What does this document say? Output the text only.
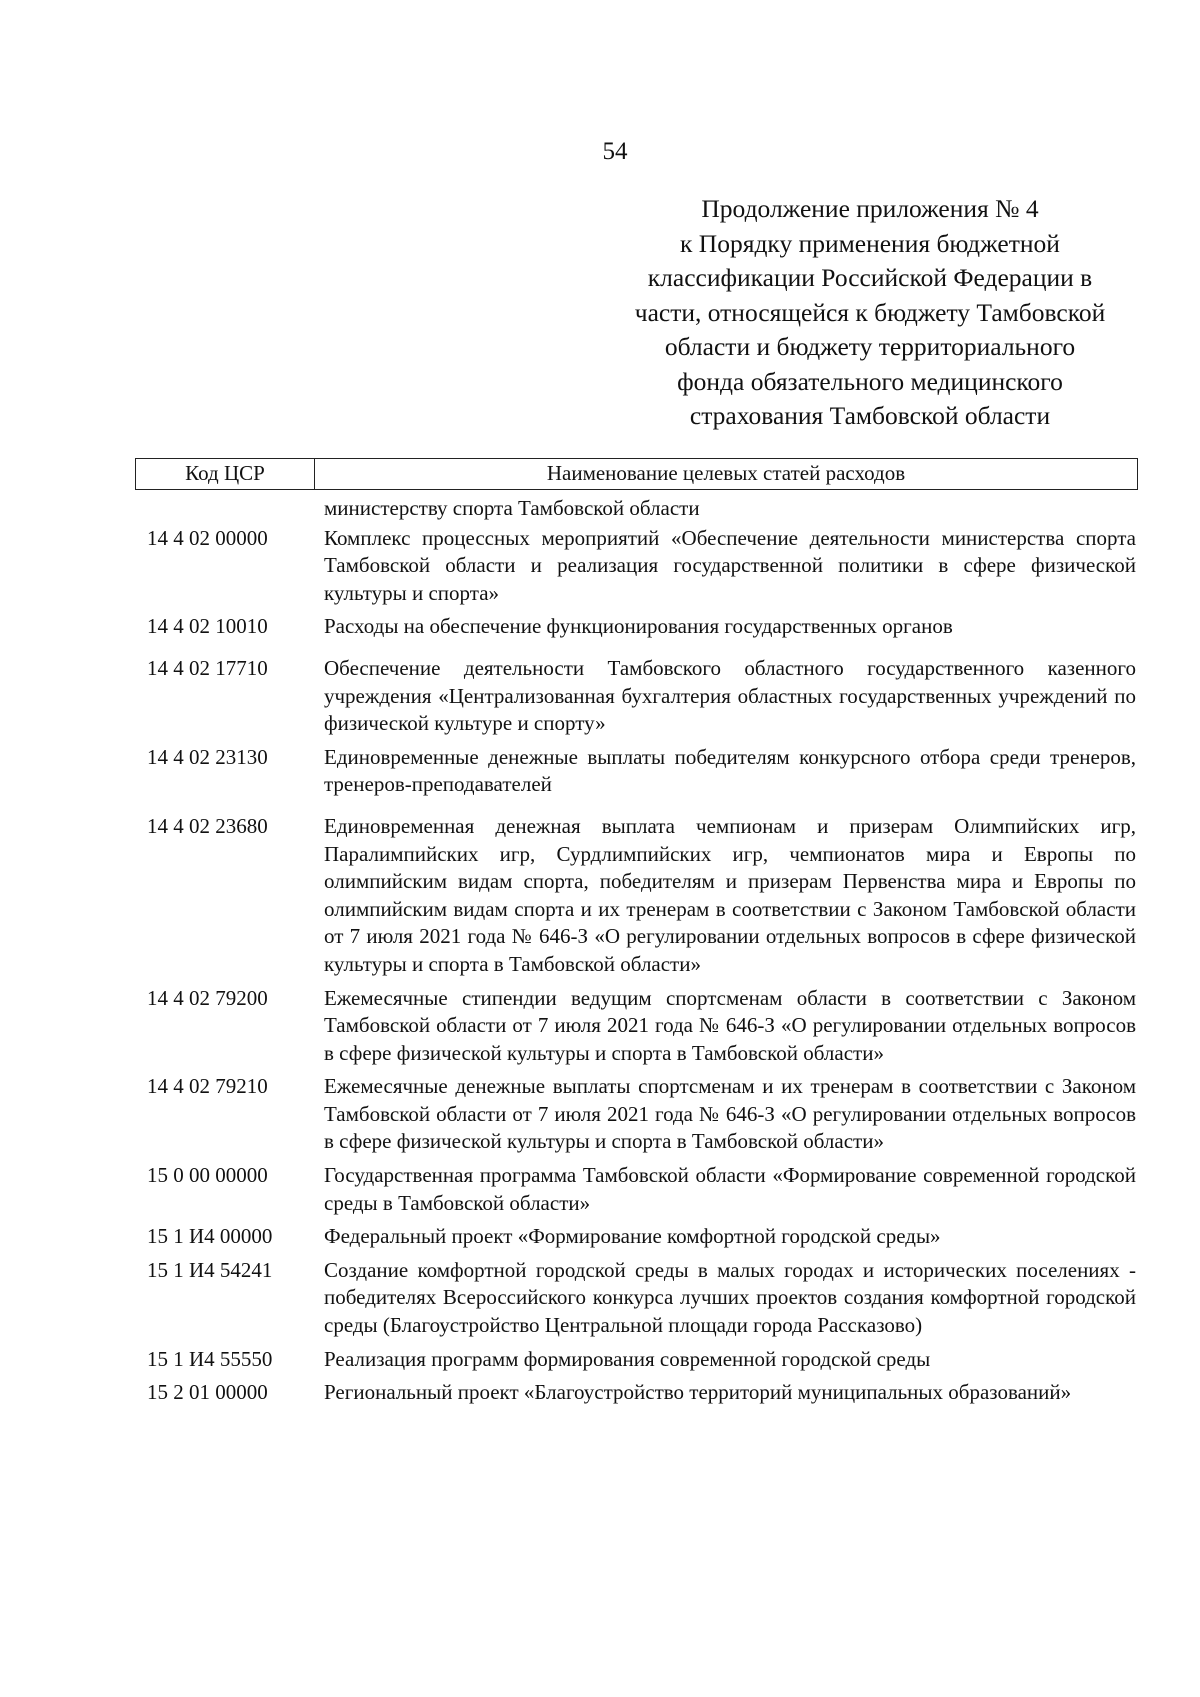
54
Продолжение приложения № 4
к Порядку применения бюджетной
классификации Российской Федерации в
части, относящейся к бюджету Тамбовской
области и бюджету территориального
фонда обязательного медицинского
страхования Тамбовской области
Код ЦСР	Наименование целевых статей расходов
министерству спорта Тамбовской области
14 4 02 00000	Комплекс процессных мероприятий «Обеспечение деятельности министерства спорта Тамбовской области и реализация государственной политики в сфере физической культуры и спорта»
14 4 02 10010	Расходы на обеспечение функционирования государственных органов
14 4 02 17710	Обеспечение деятельности Тамбовского областного государственного казенного учреждения «Централизованная бухгалтерия областных государственных учреждений по физической культуре и спорту»
14 4 02 23130	Единовременные денежные выплаты победителям конкурсного отбора среди тренеров, тренеров-преподавателей
14 4 02 23680	Единовременная денежная выплата чемпионам и призерам Олимпийских игр, Паралимпийских игр, Сурдлимпийских игр, чемпионатов мира и Европы по олимпийским видам спорта, победителям и призерам Первенства мира и Европы по олимпийским видам спорта и их тренерам в соответствии с Законом Тамбовской области от 7 июля 2021 года № 646-З «О регулировании отдельных вопросов в сфере физической культуры и спорта в Тамбовской области»
14 4 02 79200	Ежемесячные стипендии ведущим спортсменам области в соответствии с Законом Тамбовской области от 7 июля 2021 года № 646-З «О регулировании отдельных вопросов в сфере физической культуры и спорта в Тамбовской области»
14 4 02 79210	Ежемесячные денежные выплаты спортсменам и их тренерам в соответствии с Законом Тамбовской области от 7 июля 2021 года № 646-З «О регулировании отдельных вопросов в сфере физической культуры и спорта в Тамбовской области»
15 0 00 00000	Государственная программа Тамбовской области «Формирование современной городской среды в Тамбовской области»
15 1 И4 00000	Федеральный проект «Формирование комфортной городской среды»
15 1 И4 54241	Создание комфортной городской среды в малых городах и исторических поселениях - победителях Всероссийского конкурса лучших проектов создания комфортной городской среды (Благоустройство Центральной площади города Рассказово)
15 1 И4 55550	Реализация программ формирования современной городской среды
15 2 01 00000	Региональный проект «Благоустройство территорий муниципальных образований»
